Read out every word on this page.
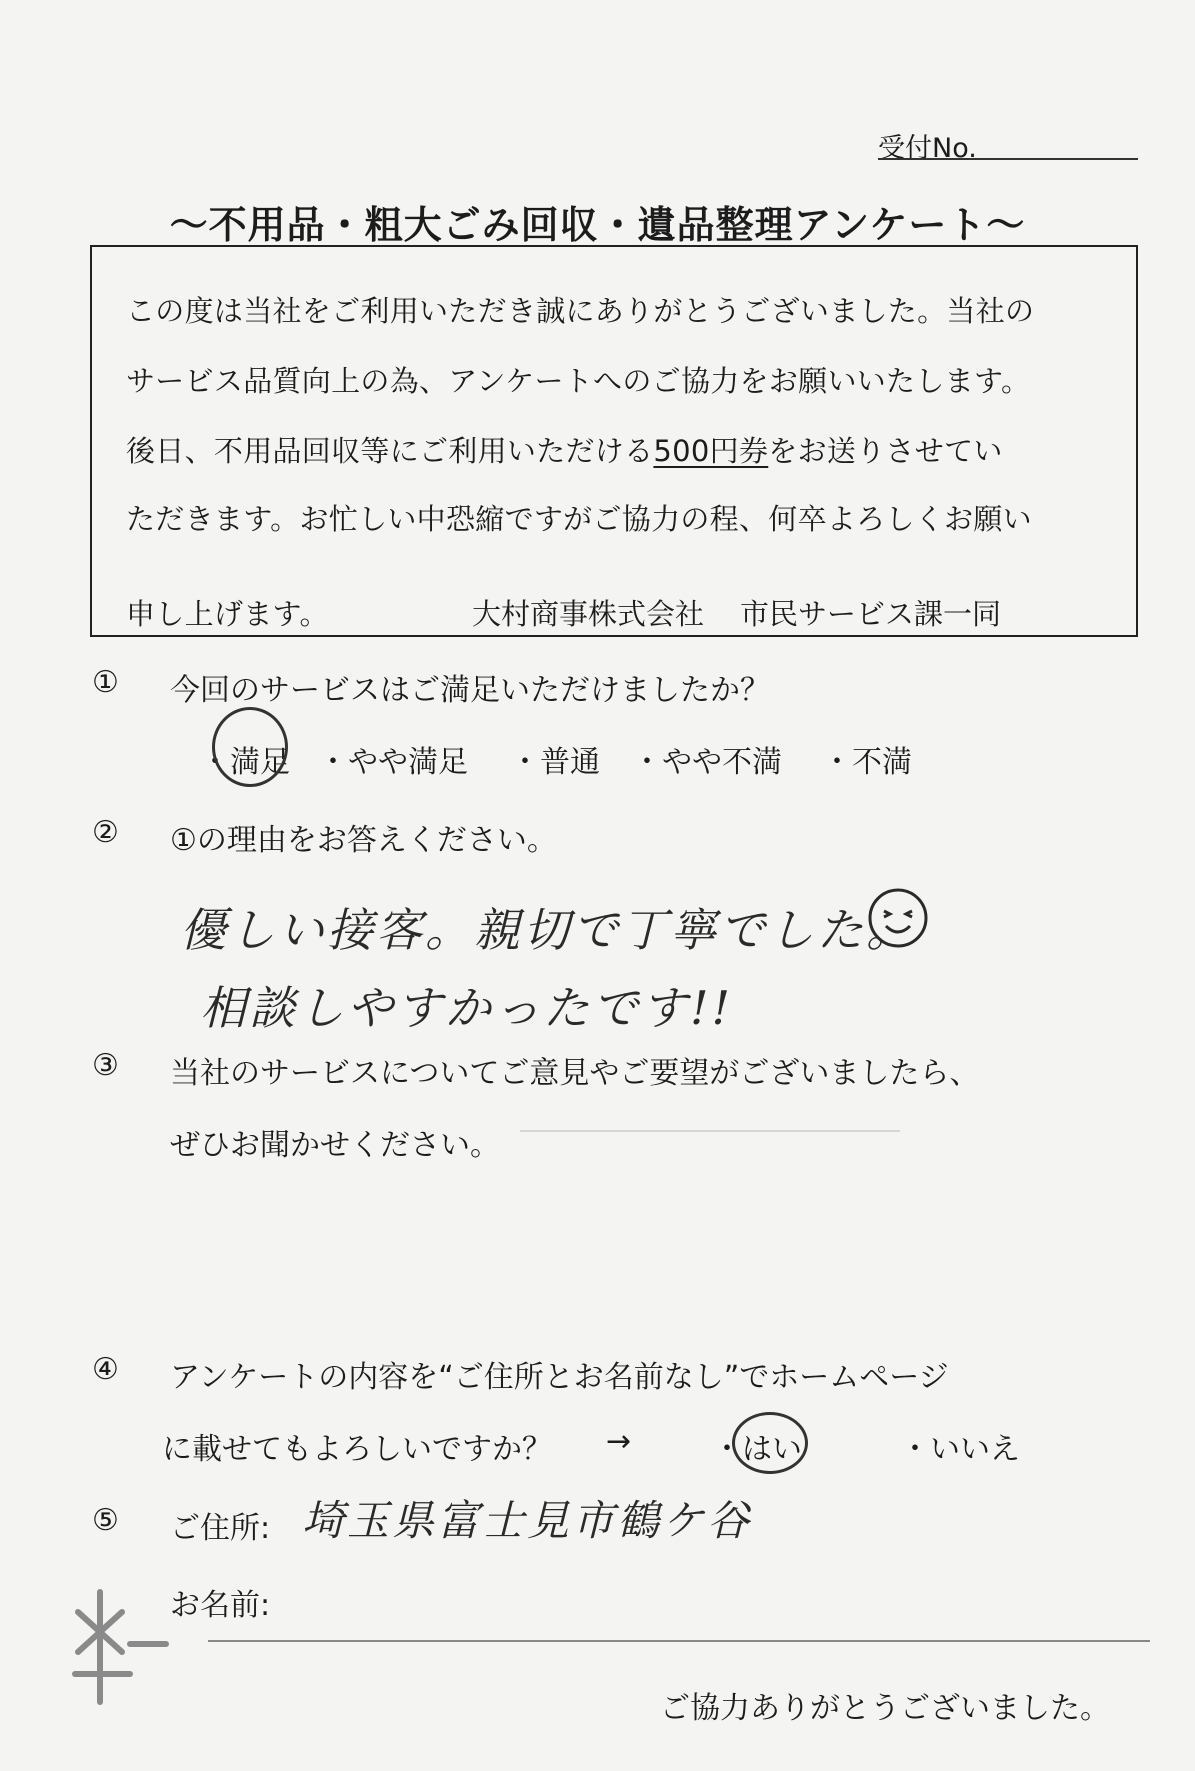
受付No.
～不用品・粗大ごみ回収・遺品整理アンケート～
この度は当社をご利用いただき誠にありがとうございました。当社の
サービス品質向上の為、アンケートへのご協力をお願いいたします。
後日、不用品回収等にご利用いただける500円券をお送りさせてい
ただきます。お忙しい中恐縮ですがご協力の程、何卒よろしくお願い
申し上げます。	大村商事株式会社 市民サービス課一同
① 今回のサービスはご満足いただけましたか？
・満足 ・やや満足 ・普通 ・やや不満 ・不満
② ①の理由をお答えください。
優しい接客。親切で丁寧でした。
相談しやすかったです!!
③ 当社のサービスについてご意見やご要望がございましたら、
ぜひお聞かせください。
④ アンケートの内容を“ご住所とお名前なし”でホームページ
に載せてもよろしいですか？ →	・はい	・いいえ
⑤ ご住所: 埼玉県富士見市鶴ケ谷
お名前:
ご協力ありがとうございました。
